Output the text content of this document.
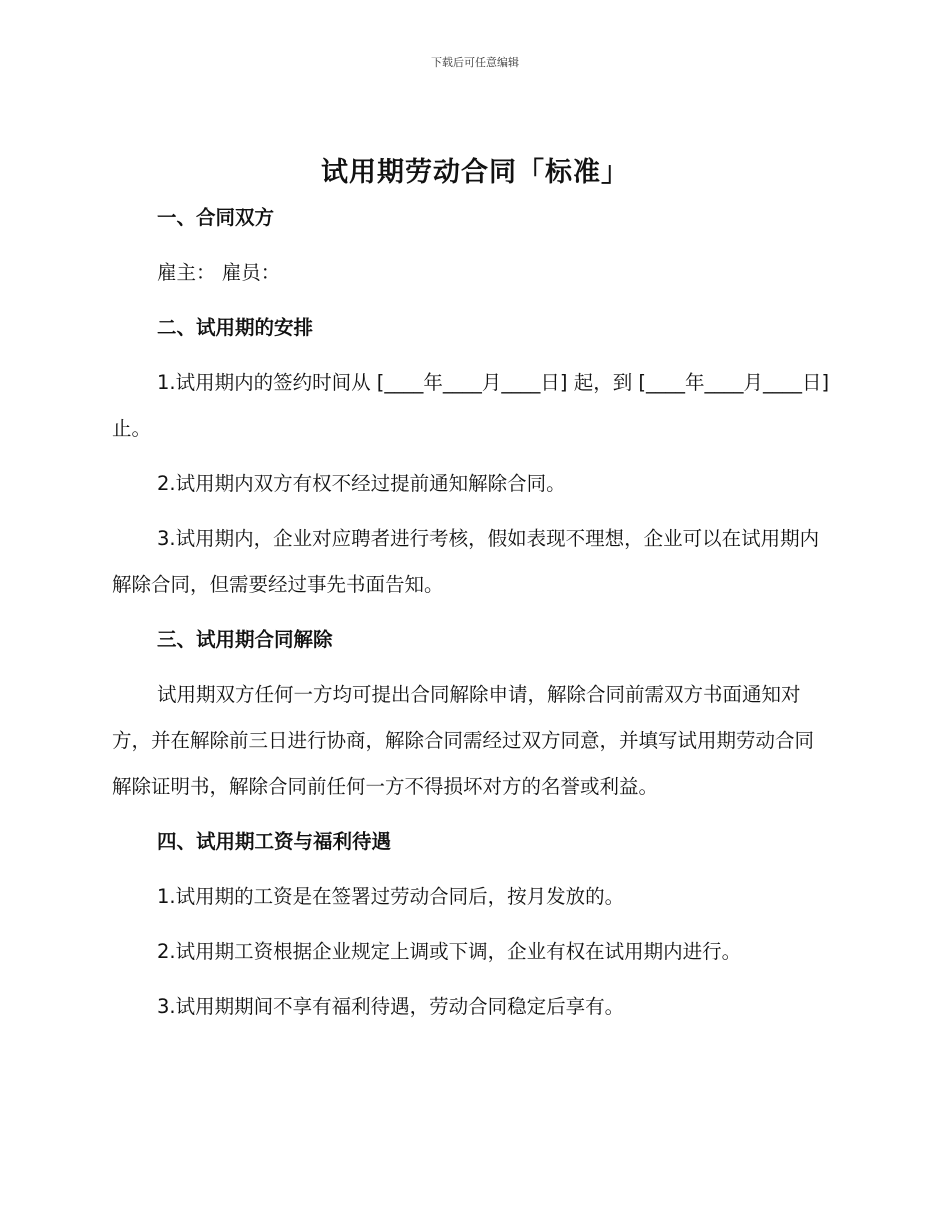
下载后可任意编辑
试用期劳动合同「标准」

一、合同双方

雇主： 雇员：

二、试用期的安排

1.试用期内的签约时间从 [____年____月____日] 起，到 [____年____月____日] 止。

2.试用期内双方有权不经过提前通知解除合同。

3.试用期内，企业对应聘者进行考核，假如表现不理想，企业可以在试用期内解除合同，但需要经过事先书面告知。

三、试用期合同解除

试用期双方任何一方均可提出合同解除申请，解除合同前需双方书面通知对方，并在解除前三日进行协商，解除合同需经过双方同意，并填写试用期劳动合同解除证明书，解除合同前任何一方不得损坏对方的名誉或利益。

四、试用期工资与福利待遇

1.试用期的工资是在签署过劳动合同后，按月发放的。

2.试用期工资根据企业规定上调或下调，企业有权在试用期内进行。

3.试用期期间不享有福利待遇，劳动合同稳定后享有。
